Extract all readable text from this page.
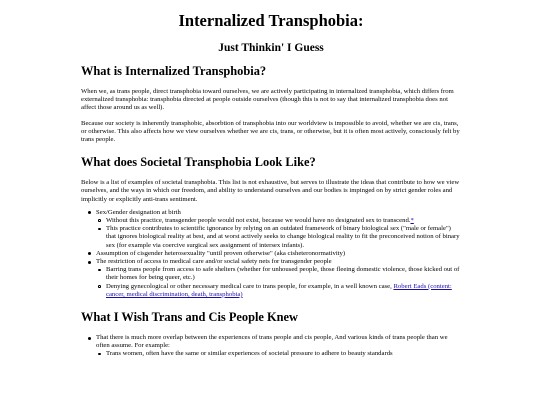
Internalized Transphobia:
Just Thinkin' I Guess
What is Internalized Transphobia?

When we, as trans people, direct transphobia toward ourselves, we are actively participating in internalized transphobia, which differs from externalized transphobia: transphobia directed at people outside ourselves (though this is not to say that internalized transphobia does not affect those around us as well).

Because our society is inherently transphobic, absorbtion of transphobia into our worldview is impossible to avoid, whether we are cis, trans, or otherwise. This also affects how we view ourselves whether we are cis, trans, or otherwise, but it is often most actively, consciously felt by trans people.

What does Societal Transphobia Look Like?

Below is a list of examples of societal transphobia. This list is not exhaustive, but serves to illustrate the ideas that contribute to how we view ourselves, and the ways in which our freedom, and ability to understand ourselves and our bodies is impinged on by strict gender roles and implicitly or explicitly anti-trans sentiment.

Sex/Gender designation at birth
Without this practice, transgender people would not exist, because we would have no designated sex to transcend.*
This practice contributes to scientific ignorance by relying on an outdated framework of binary biological sex ("male or female") that ignores biological reality at best, and at worst actively seeks to change biological reality to fit the preconceived notion of binary sex (for example via coercive surgical sex assignment of intersex infants).
Assumption of cisgender heterosexuality "until proven otherwise" (aka cisheteronormativity)
The restriction of access to medical care and/or social safety nets for transgender people
Barring trans people from access to safe shelters (whether for unhoused people, those fleeing domestic violence, those kicked out of their homes for being queer, etc.)
Denying gynecological or other necessary medical care to trans people, for example, in a well known case, Robert Eads (content: cancer, medical discrimination, death, transphobia)
What I Wish Trans and Cis People Knew
That there is much more overlap between the experiences of trans people and cis people, And various kinds of trans people than we often assume. For example:
Trans women, often have the same or similar experiences of societal pressure to adhere to beauty standards
